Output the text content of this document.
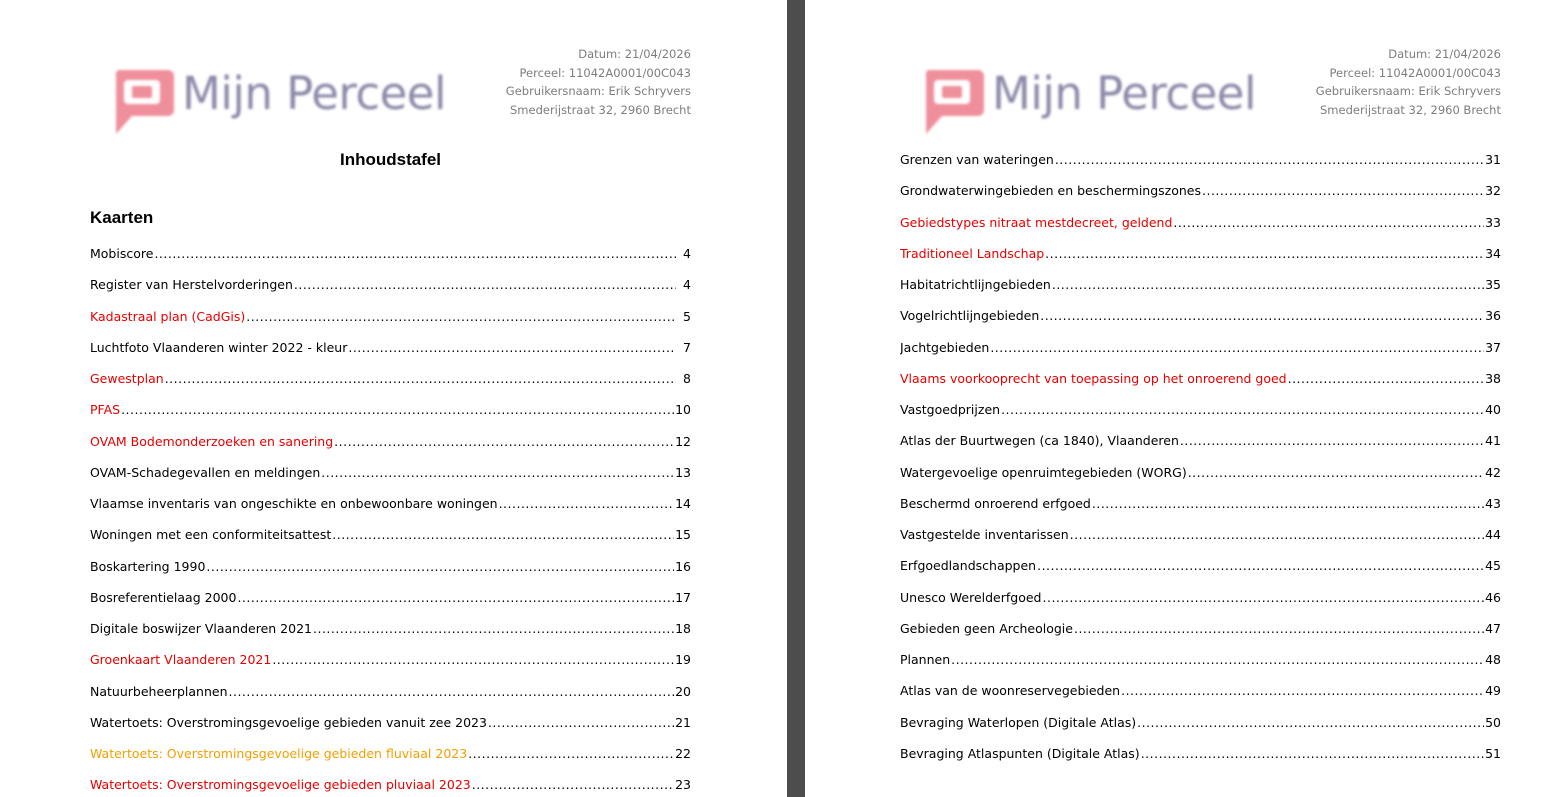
Mijn Perceel
Datum: 21/04/2026
Perceel: 11042A0001/00C043
Gebruikersnaam: Erik Schryvers
Smederijstraat 32, 2960 Brecht
Inhoudstafel
Kaarten
Mobiscore .....	4
Register van Herstelvorderingen .....	4
Kadastraal plan (CadGis) .....	5
Luchtfoto Vlaanderen winter 2022 - kleur .....	7
Gewestplan .....	8
PFAS .....	10
OVAM Bodemonderzoeken en sanering .....	12
OVAM-Schadegevallen en meldingen .....	13
Vlaamse inventaris van ongeschikte en onbewoonbare woningen .....	14
Woningen met een conformiteitsattest .....	15
Boskartering 1990 .....	16
Bosreferentielaag 2000 .....	17
Digitale boswijzer Vlaanderen 2021 .....	18
Groenkaart Vlaanderen 2021 .....	19
Natuurbeheerplannen .....	20
Watertoets: Overstromingsgevoelige gebieden vanuit zee 2023 .....	21
Watertoets: Overstromingsgevoelige gebieden fluviaal 2023 .....	22
Watertoets: Overstromingsgevoelige gebieden pluviaal 2023 .....	23
Mijn Perceel
Datum: 21/04/2026
Perceel: 11042A0001/00C043
Gebruikersnaam: Erik Schryvers
Smederijstraat 32, 2960 Brecht
Grenzen van wateringen .....	31
Grondwaterwingebieden en beschermingszones .....	32
Gebiedstypes nitraat mestdecreet, geldend .....	33
Traditioneel Landschap .....	34
Habitatrichtlijngebieden .....	35
Vogelrichtlijngebieden .....	36
Jachtgebieden .....	37
Vlaams voorkooprecht van toepassing op het onroerend goed .....	38
Vastgoedprijzen .....	40
Atlas der Buurtwegen (ca 1840), Vlaanderen .....	41
Watergevoelige openruimtegebieden (WORG) .....	42
Beschermd onroerend erfgoed .....	43
Vastgestelde inventarissen .....	44
Erfgoedlandschappen .....	45
Unesco Werelderfgoed .....	46
Gebieden geen Archeologie .....	47
Plannen .....	48
Atlas van de woonreservegebieden .....	49
Bevraging Waterlopen (Digitale Atlas) .....	50
Bevraging Atlaspunten (Digitale Atlas) .....	51
